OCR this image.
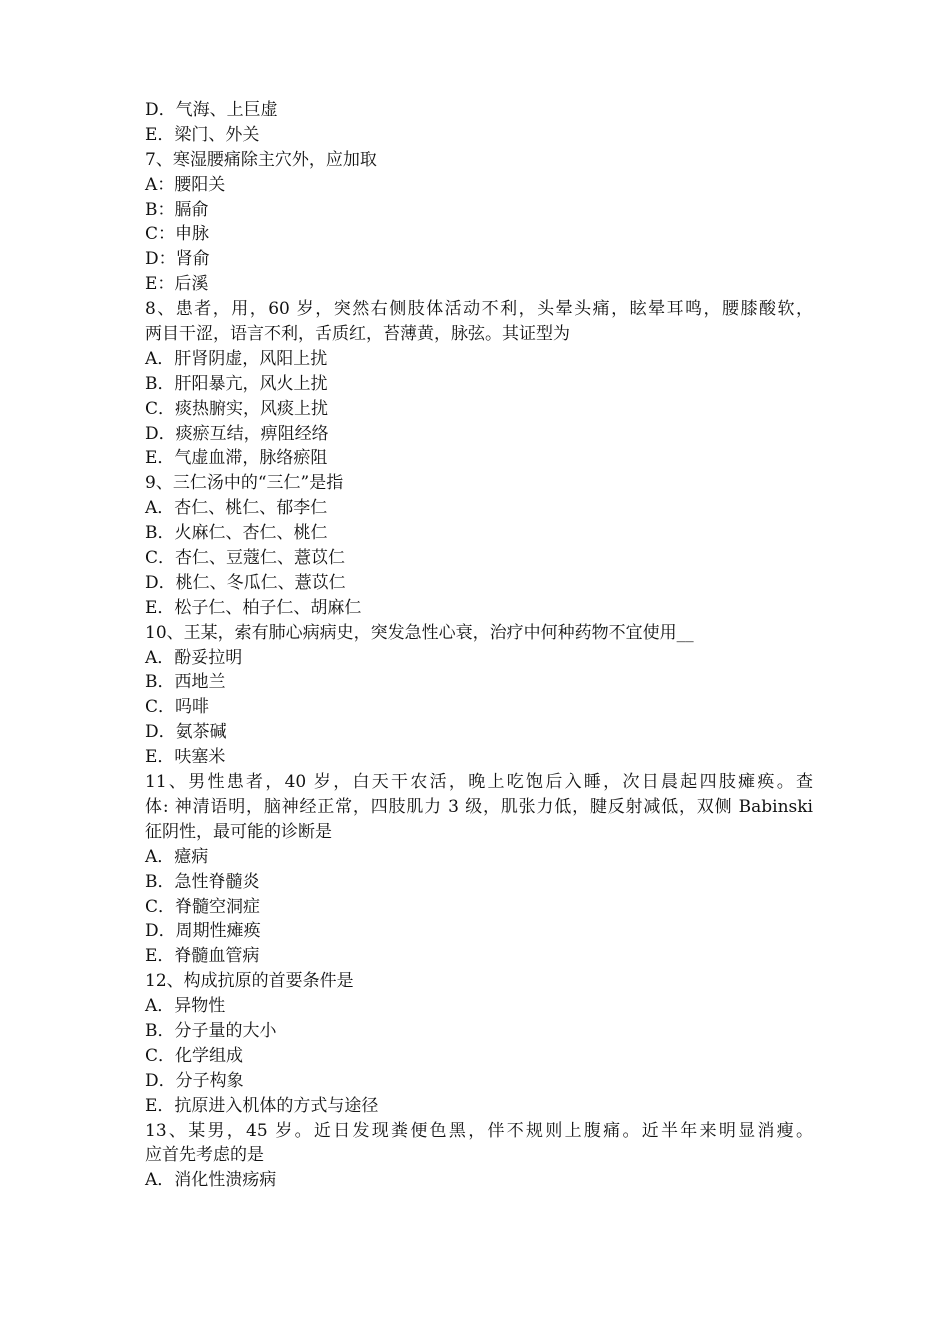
D．气海、上巨虚
E．梁门、外关
7、寒湿腰痛除主穴外，应加取
A：腰阳关
B：膈俞
C：申脉
D：肾俞
E：后溪
8、患者，用，60 岁，突然右侧肢体活动不利，头晕头痛，眩晕耳鸣，腰膝酸软，
两目干涩，语言不利，舌质红，苔薄黄，脉弦。其证型为
A．肝肾阴虚，风阳上扰
B．肝阳暴亢，风火上扰
C．痰热腑实，风痰上扰
D．痰瘀互结，痹阻经络
E．气虚血滞，脉络瘀阻
9、三仁汤中的“三仁”是指
A．杏仁、桃仁、郁李仁
B．火麻仁、杏仁、桃仁
C．杏仁、豆蔻仁、薏苡仁
D．桃仁、冬瓜仁、薏苡仁
E．松子仁、柏子仁、胡麻仁
10、王某，索有肺心病病史，突发急性心衰，治疗中何种药物不宜使用__
A．酚妥拉明
B．西地兰
C．吗啡
D．氨茶碱
E．呋塞米
11、男性患者，40 岁，白天干农活，晚上吃饱后入睡，次日晨起四肢瘫痪。查
体: 神清语明，脑神经正常，四肢肌力 3 级，肌张力低，腱反射减低，双侧 Babinski
征阴性，最可能的诊断是
A．癔病
B．急性脊髓炎
C．脊髓空洞症
D．周期性瘫痪
E．脊髓血管病
12、构成抗原的首要条件是
A．异物性
B．分子量的大小
C．化学组成
D．分子构象
E．抗原进入机体的方式与途径
13、某男，45 岁。近日发现粪便色黑，伴不规则上腹痛。近半年来明显消瘦。
应首先考虑的是
A．消化性溃疡病
